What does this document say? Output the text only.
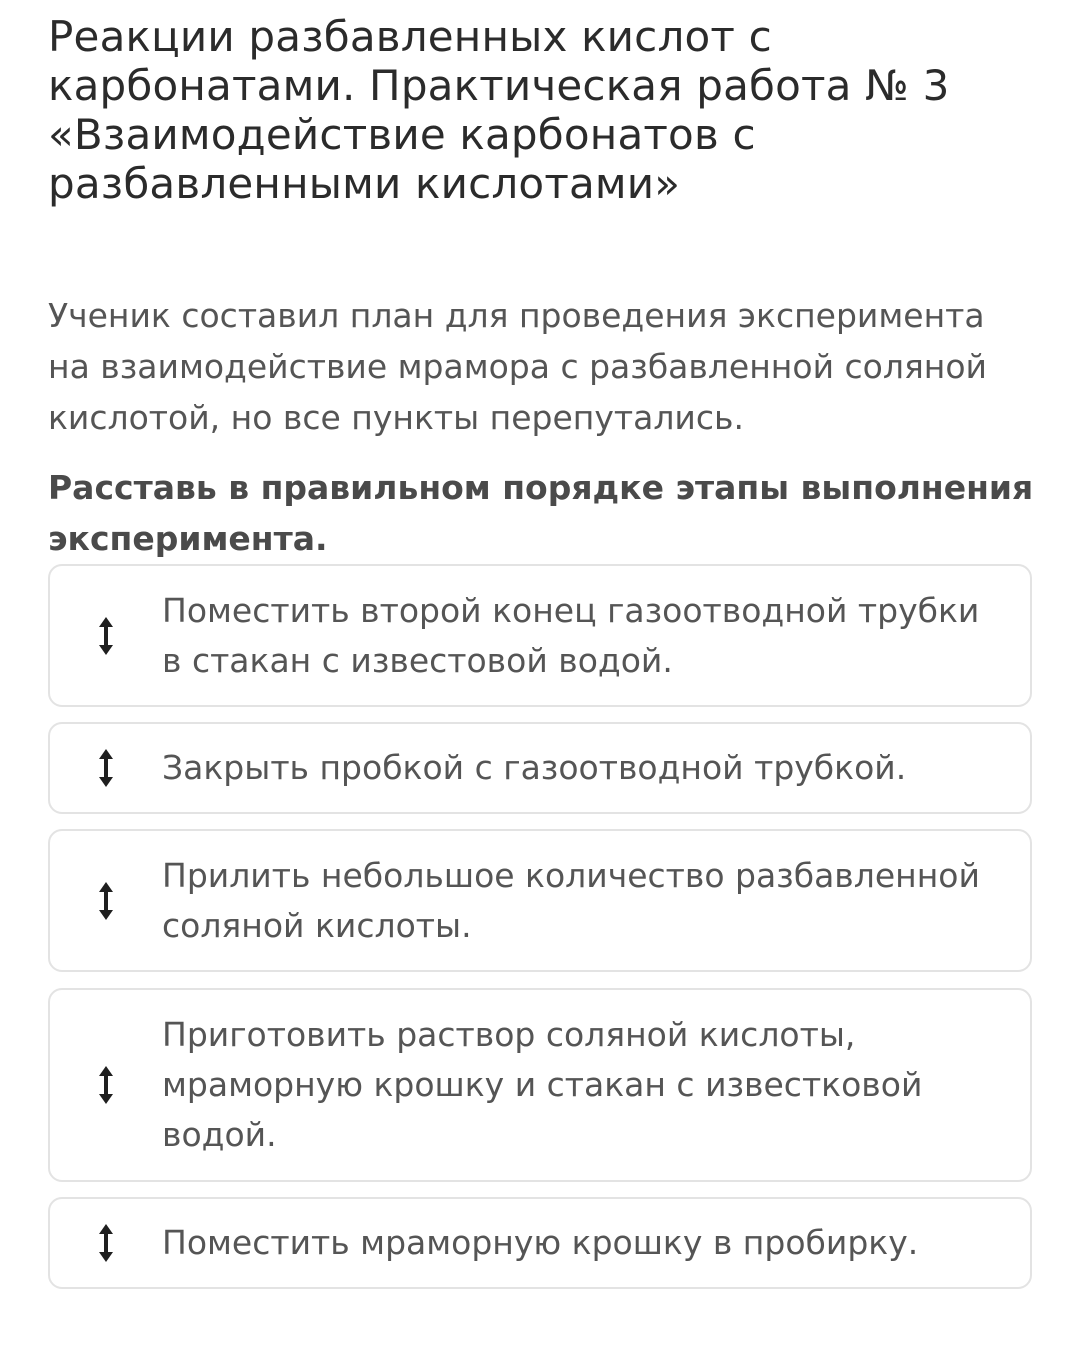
Реакции разбавленных кислот с карбонатами. Практическая работа № 3 «Взаимодействие карбонатов с разбавленными кислотами»

Ученик составил план для проведения эксперимента на взаимодействие мрамора с разбавленной соляной кислотой, но все пункты перепутались.

Расставь в правильном порядке этапы выполнения эксперимента.

Поместить второй конец газоотводной трубки в стакан с известовой водой.
Закрыть пробкой с газоотводной трубкой.
Прилить небольшое количество разбавленной соляной кислоты.
Приготовить раствор соляной кислоты, мраморную крошку и стакан с известковой водой.
Поместить мраморную крошку в пробирку.
